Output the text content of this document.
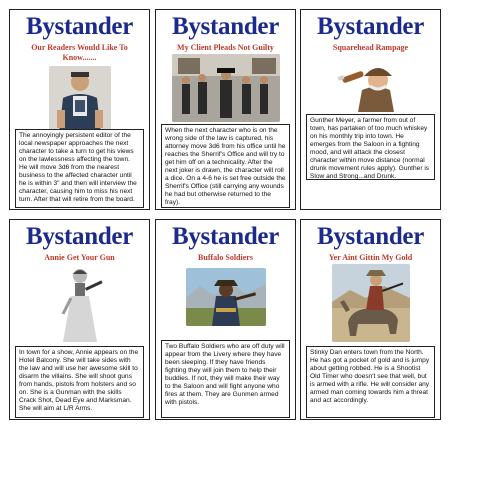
Bystander
Our Readers Would Like To Know.......
The annoyingly persistent editor of the local newspaper approaches the next character to take a turn to get his views on the lawlessness affecting the town. He will move 3d6 from the nearest business to the affected character until he is within 3" and then will interview the character, causing him to miss his next turn. After that will retire from the board.
Bystander
My Client Pleads Not Guilty
When the next character who is on the wrong side of the law is captured, his attorney move 3d6 from his office until he reaches the Sherrif's Office and will try to get him off on a technicality. After the next joker is drawn, the character will roll a dice. On a 4-6 he is set free outside the Sherrif's Office (still carrying any wounds he had but otherwise returned to the fray).
Bystander
Squarehead Rampage
Gunther Meyer, a farmer from out of town, has partaken of too much whiskey on his monthly trip into town. He emerges from the Saloon in a fighting mood, and will attack the closest character within move distance (normal drunk movement rules apply). Gunther is Slow and Strong...and Drunk.
Bystander
Annie Get Your Gun
In town for a show, Annie appears on the Hotel Balcony. She will take sides with the law and will use her awesome skill to disarm the villains. She will shoot guns from hands, pistols from holsters and so on. She is a Gunman with the skills Crack Shot, Dead Eye and Marksman. She will aim at L/R Arms.
Bystander
Buffalo Soldiers
Two Buffalo Soldiers who are off duty will appear from the Livery where they have been sleeping. If they have friends fighting they will join them to help their buddies. If not, they will make their way to the Saloon and will fight anyone who fires at them. They are Gunmen armed with pistols.
Bystander
Yer Aint Gittin My Gold
Stinky Dan enters town from the North. He has got a pocket of gold and is jumpy about getting robbed. He is a Shootist Old Timer who doesn't see that well, but is armed with a rifle. He will consider any armed man coming towards him a threat and act accordingly.
